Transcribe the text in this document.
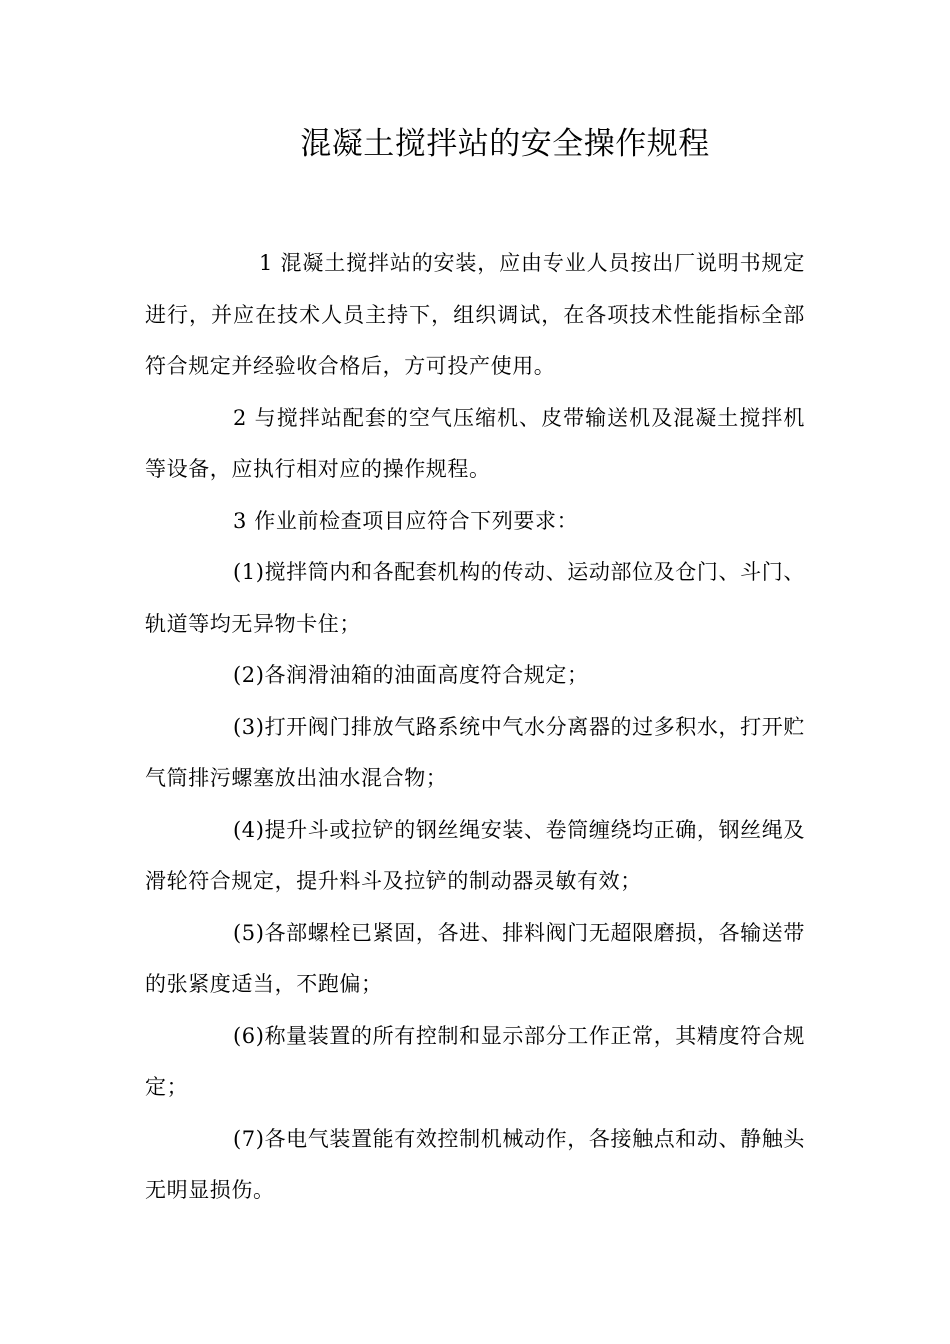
混凝土搅拌站的安全操作规程

1 混凝土搅拌站的安装，应由专业人员按出厂说明书规定进行，并应在技术人员主持下，组织调试，在各项技术性能指标全部符合规定并经验收合格后，方可投产使用。

2 与搅拌站配套的空气压缩机、皮带输送机及混凝土搅拌机等设备，应执行相对应的操作规程。

3 作业前检查项目应符合下列要求：

(1)搅拌筒内和各配套机构的传动、运动部位及仓门、斗门、轨道等均无异物卡住；

(2)各润滑油箱的油面高度符合规定；

(3)打开阀门排放气路系统中气水分离器的过多积水，打开贮气筒排污螺塞放出油水混合物；

(4)提升斗或拉铲的钢丝绳安装、卷筒缠绕均正确，钢丝绳及滑轮符合规定，提升料斗及拉铲的制动器灵敏有效；

(5)各部螺栓已紧固，各进、排料阀门无超限磨损，各输送带的张紧度适当，不跑偏；

(6)称量装置的所有控制和显示部分工作正常，其精度符合规定；

(7)各电气装置能有效控制机械动作，各接触点和动、静触头无明显损伤。
